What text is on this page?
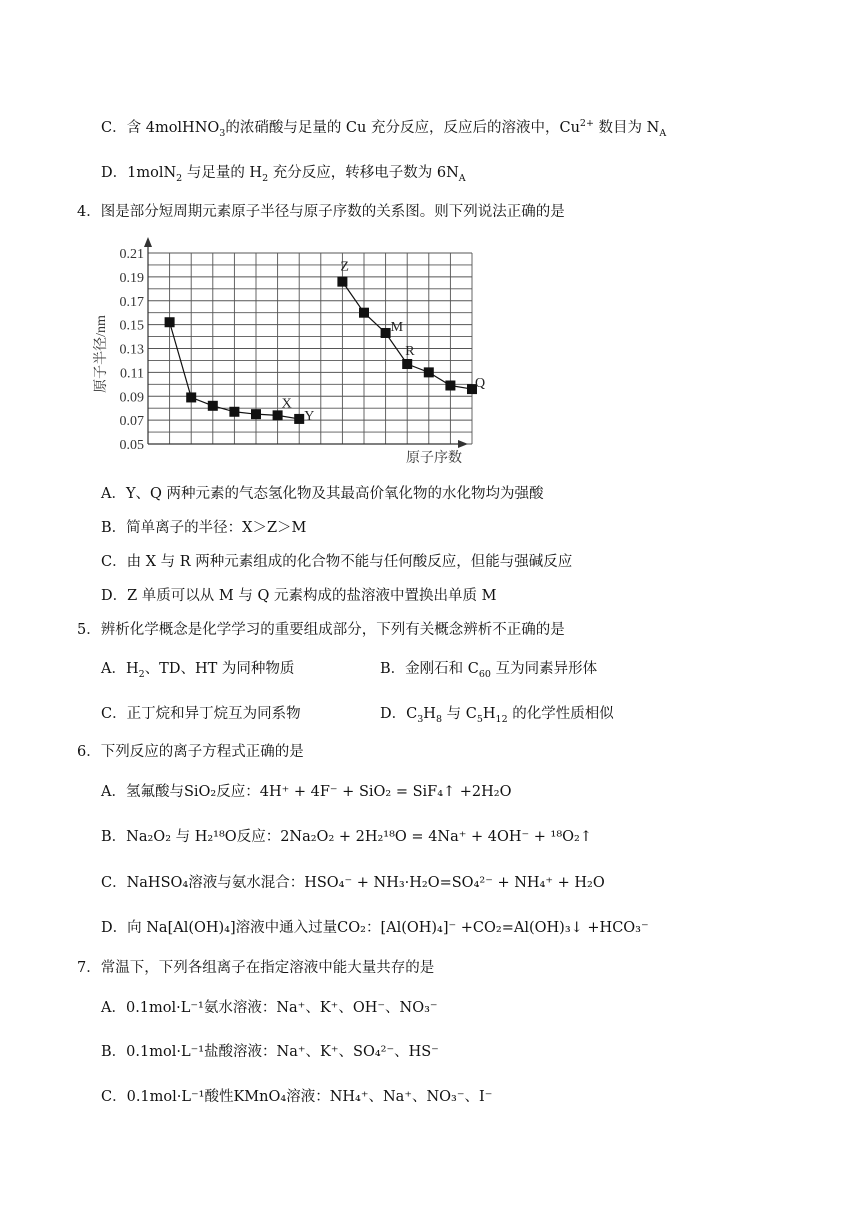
C．含 4molHNO$_3$的浓硝酸与足量的 Cu 充分反应，反应后的溶液中，$Cu^{2+}$ 数目为 $N_A$
D．1molN$_2$ 与足量的 $H_2$ 充分反应，转移电子数为 $6N_A$
4．图是部分短周期元素原子半径与原子序数的关系图。则下列说法正确的是
0.21
0.19
0.17
0.15
0.13
0.11
0.09
0.07
0.05
X
Y
Z
M
R
Q
原子半径/nm
原子序数
A．Y、Q 两种元素的气态氢化物及其最高价氧化物的水化物均为强酸
B．简单离子的半径：X＞Z＞M
C．由 X 与 R 两种元素组成的化合物不能与任何酸反应，但能与强碱反应
D．Z 单质可以从 M 与 Q 元素构成的盐溶液中置换出单质 M
5．辨析化学概念是化学学习的重要组成部分，下列有关概念辨析不正确的是
A．$H_2$、TD、HT 为同种物质	B．金刚石和 $C_{60}$ 互为同素异形体
C．正丁烷和异丁烷互为同系物	D．$C_3H_8$ 与 $C_5H_{12}$ 的化学性质相似
6．下列反应的离子方程式正确的是
A．氢氟酸与SiO₂反应：4H⁺ + 4F⁻ + SiO₂ = SiF₄↑ +2H₂O
B．Na₂O₂ 与 H₂¹⁸O反应：2Na₂O₂ + 2H₂¹⁸O = 4Na⁺ + 4OH⁻ + ¹⁸O₂↑
C．NaHSO₄溶液与氨水混合：HSO₄⁻ + NH₃·H₂O=SO₄²⁻ + NH₄⁺ + H₂O
D．向 Na[Al(OH)₄]溶液中通入过量CO₂：[Al(OH)₄]⁻ +CO₂=Al(OH)₃↓ +HCO₃⁻
7．常温下，下列各组离子在指定溶液中能大量共存的是
A．0.1mol·L⁻¹氨水溶液：Na⁺、K⁺、OH⁻、NO₃⁻
B．0.1mol·L⁻¹盐酸溶液：Na⁺、K⁺、SO₄²⁻、HS⁻
C．0.1mol·L⁻¹酸性KMnO₄溶液：NH₄⁺、Na⁺、NO₃⁻、I⁻
